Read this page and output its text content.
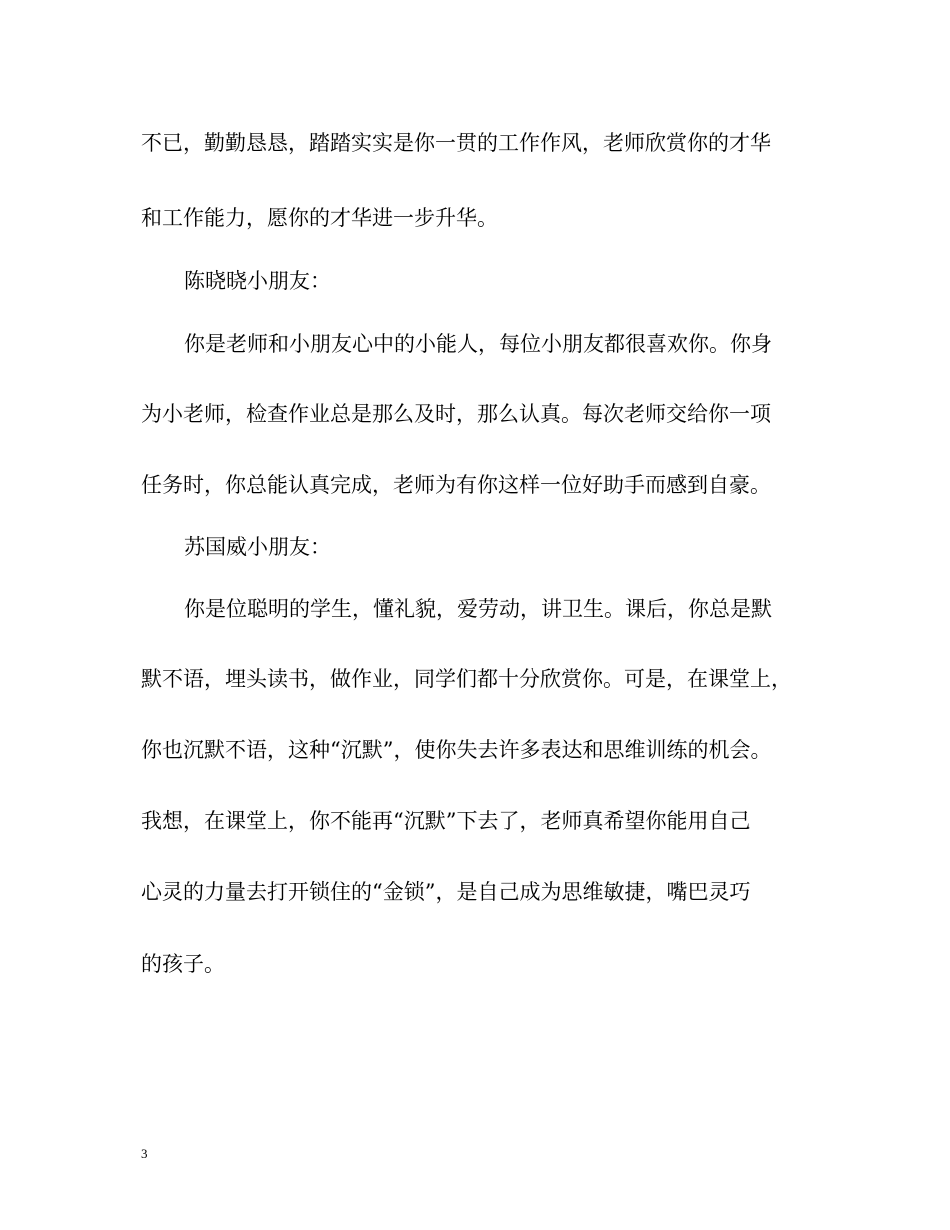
不已，勤勤恳恳，踏踏实实是你一贯的工作作风，老师欣赏你的才华
和工作能力，愿你的才华进一步升华。
陈晓晓小朋友：
你是老师和小朋友心中的小能人，每位小朋友都很喜欢你。你身
为小老师，检查作业总是那么及时，那么认真。每次老师交给你一项
任务时，你总能认真完成，老师为有你这样一位好助手而感到自豪。
苏国威小朋友：
你是位聪明的学生，懂礼貌，爱劳动，讲卫生。课后，你总是默
默不语，埋头读书，做作业，同学们都十分欣赏你。可是，在课堂上，
你也沉默不语，这种“沉默”，使你失去许多表达和思维训练的机会。
我想，在课堂上，你不能再“沉默”下去了，老师真希望你能用自己
心灵的力量去打开锁住的“金锁”，是自己成为思维敏捷，嘴巴灵巧
的孩子。
3
